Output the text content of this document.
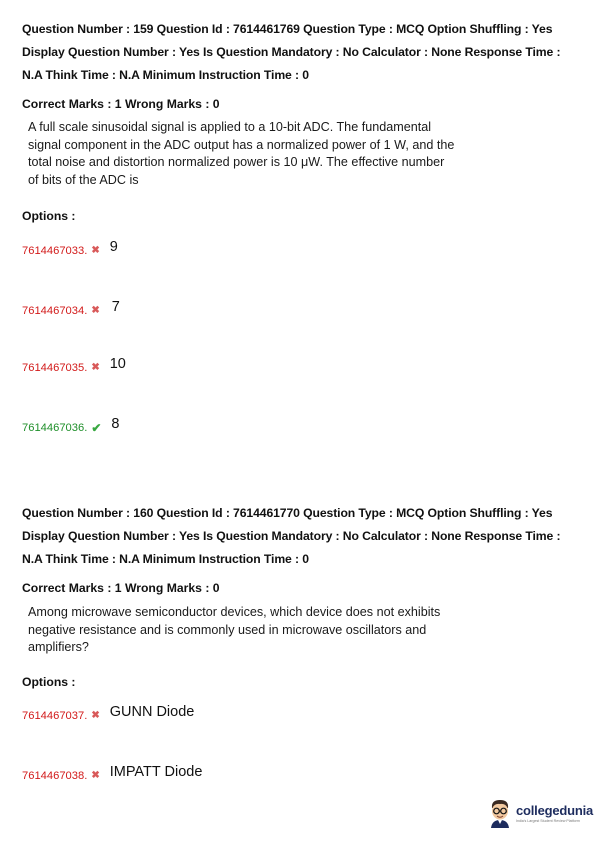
Question Number : 159 Question Id : 7614461769 Question Type : MCQ Option Shuffling : Yes Display Question Number : Yes Is Question Mandatory : No Calculator : None Response Time : N.A Think Time : N.A Minimum Instruction Time : 0
Correct Marks : 1 Wrong Marks : 0
A full scale sinusoidal signal is applied to a 10-bit ADC. The fundamental signal component in the ADC output has a normalized power of 1 W, and the total noise and distortion normalized power is 10 μW. The effective number of bits of the ADC is
Options :
7614467033. ✖ 9
7614467034. ✖ 7
7614467035. ✖ 10
7614467036. ✔ 8
Question Number : 160 Question Id : 7614461770 Question Type : MCQ Option Shuffling : Yes Display Question Number : Yes Is Question Mandatory : No Calculator : None Response Time : N.A Think Time : N.A Minimum Instruction Time : 0
Correct Marks : 1 Wrong Marks : 0
Among microwave semiconductor devices, which device does not exhibits negative resistance and is commonly used in microwave oscillators and amplifiers?
Options :
7614467037. ✖ GUNN Diode
7614467038. ✖ IMPATT Diode
collegedunia
India's Largest Student Review Platform
